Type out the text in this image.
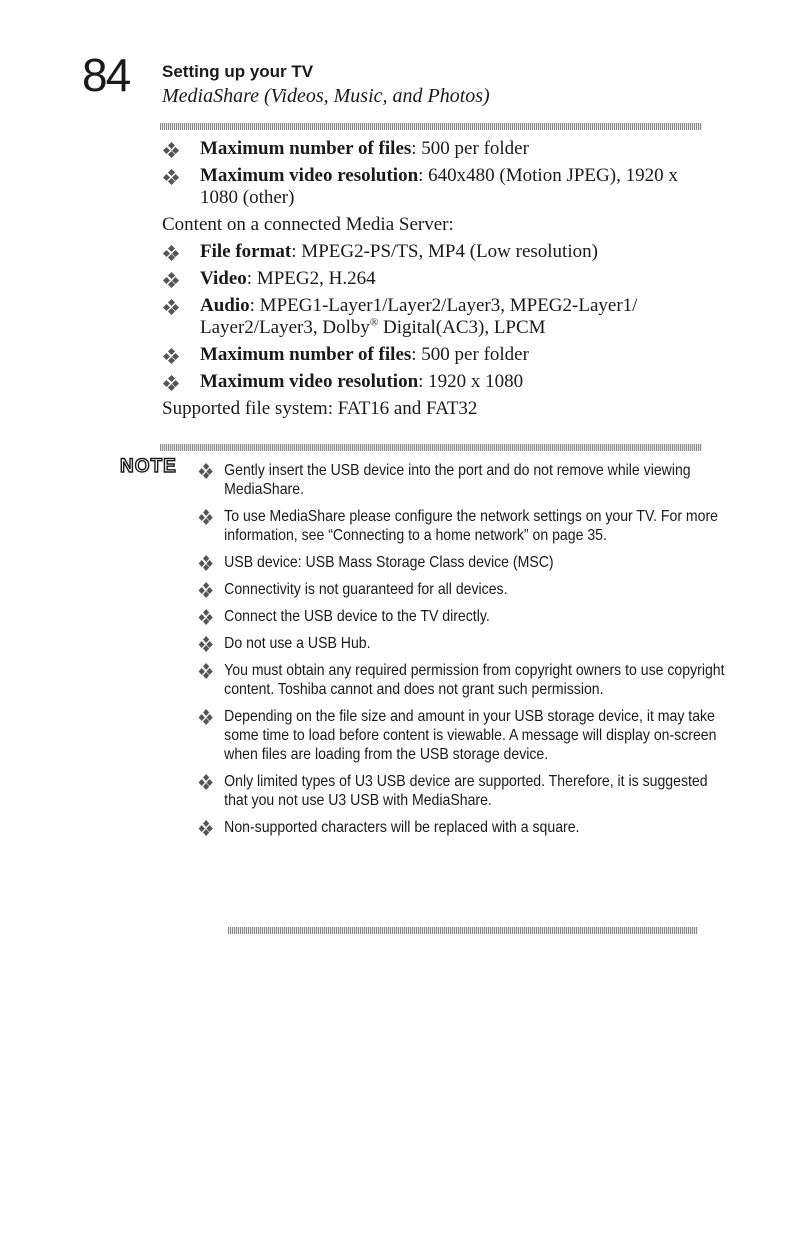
84 Setting up your TV
MediaShare (Videos, Music, and Photos)
Maximum number of files: 500 per folder
Maximum video resolution: 640x480 (Motion JPEG), 1920 x 1080 (other)
Content on a connected Media Server:
File format: MPEG2-PS/TS, MP4 (Low resolution)
Video: MPEG2, H.264
Audio: MPEG1-Layer1/Layer2/Layer3, MPEG2-Layer1/ Layer2/Layer3, Dolby® Digital(AC3), LPCM
Maximum number of files: 500 per folder
Maximum video resolution: 1920 x 1080
Supported file system: FAT16 and FAT32
NOTE	Gently insert the USB device into the port and do not remove while viewing MediaShare.
To use MediaShare please configure the network settings on your TV. For more information, see “Connecting to a home network” on page 35.
USB device: USB Mass Storage Class device (MSC)
Connectivity is not guaranteed for all devices.
Connect the USB device to the TV directly.
Do not use a USB Hub.
You must obtain any required permission from copyright owners to use copyright content. Toshiba cannot and does not grant such permission.
Depending on the file size and amount in your USB storage device, it may take some time to load before content is viewable. A message will display on-screen when files are loading from the USB storage device.
Only limited types of U3 USB device are supported. Therefore, it is suggested that you not use U3 USB with MediaShare.
Non-supported characters will be replaced with a square.
